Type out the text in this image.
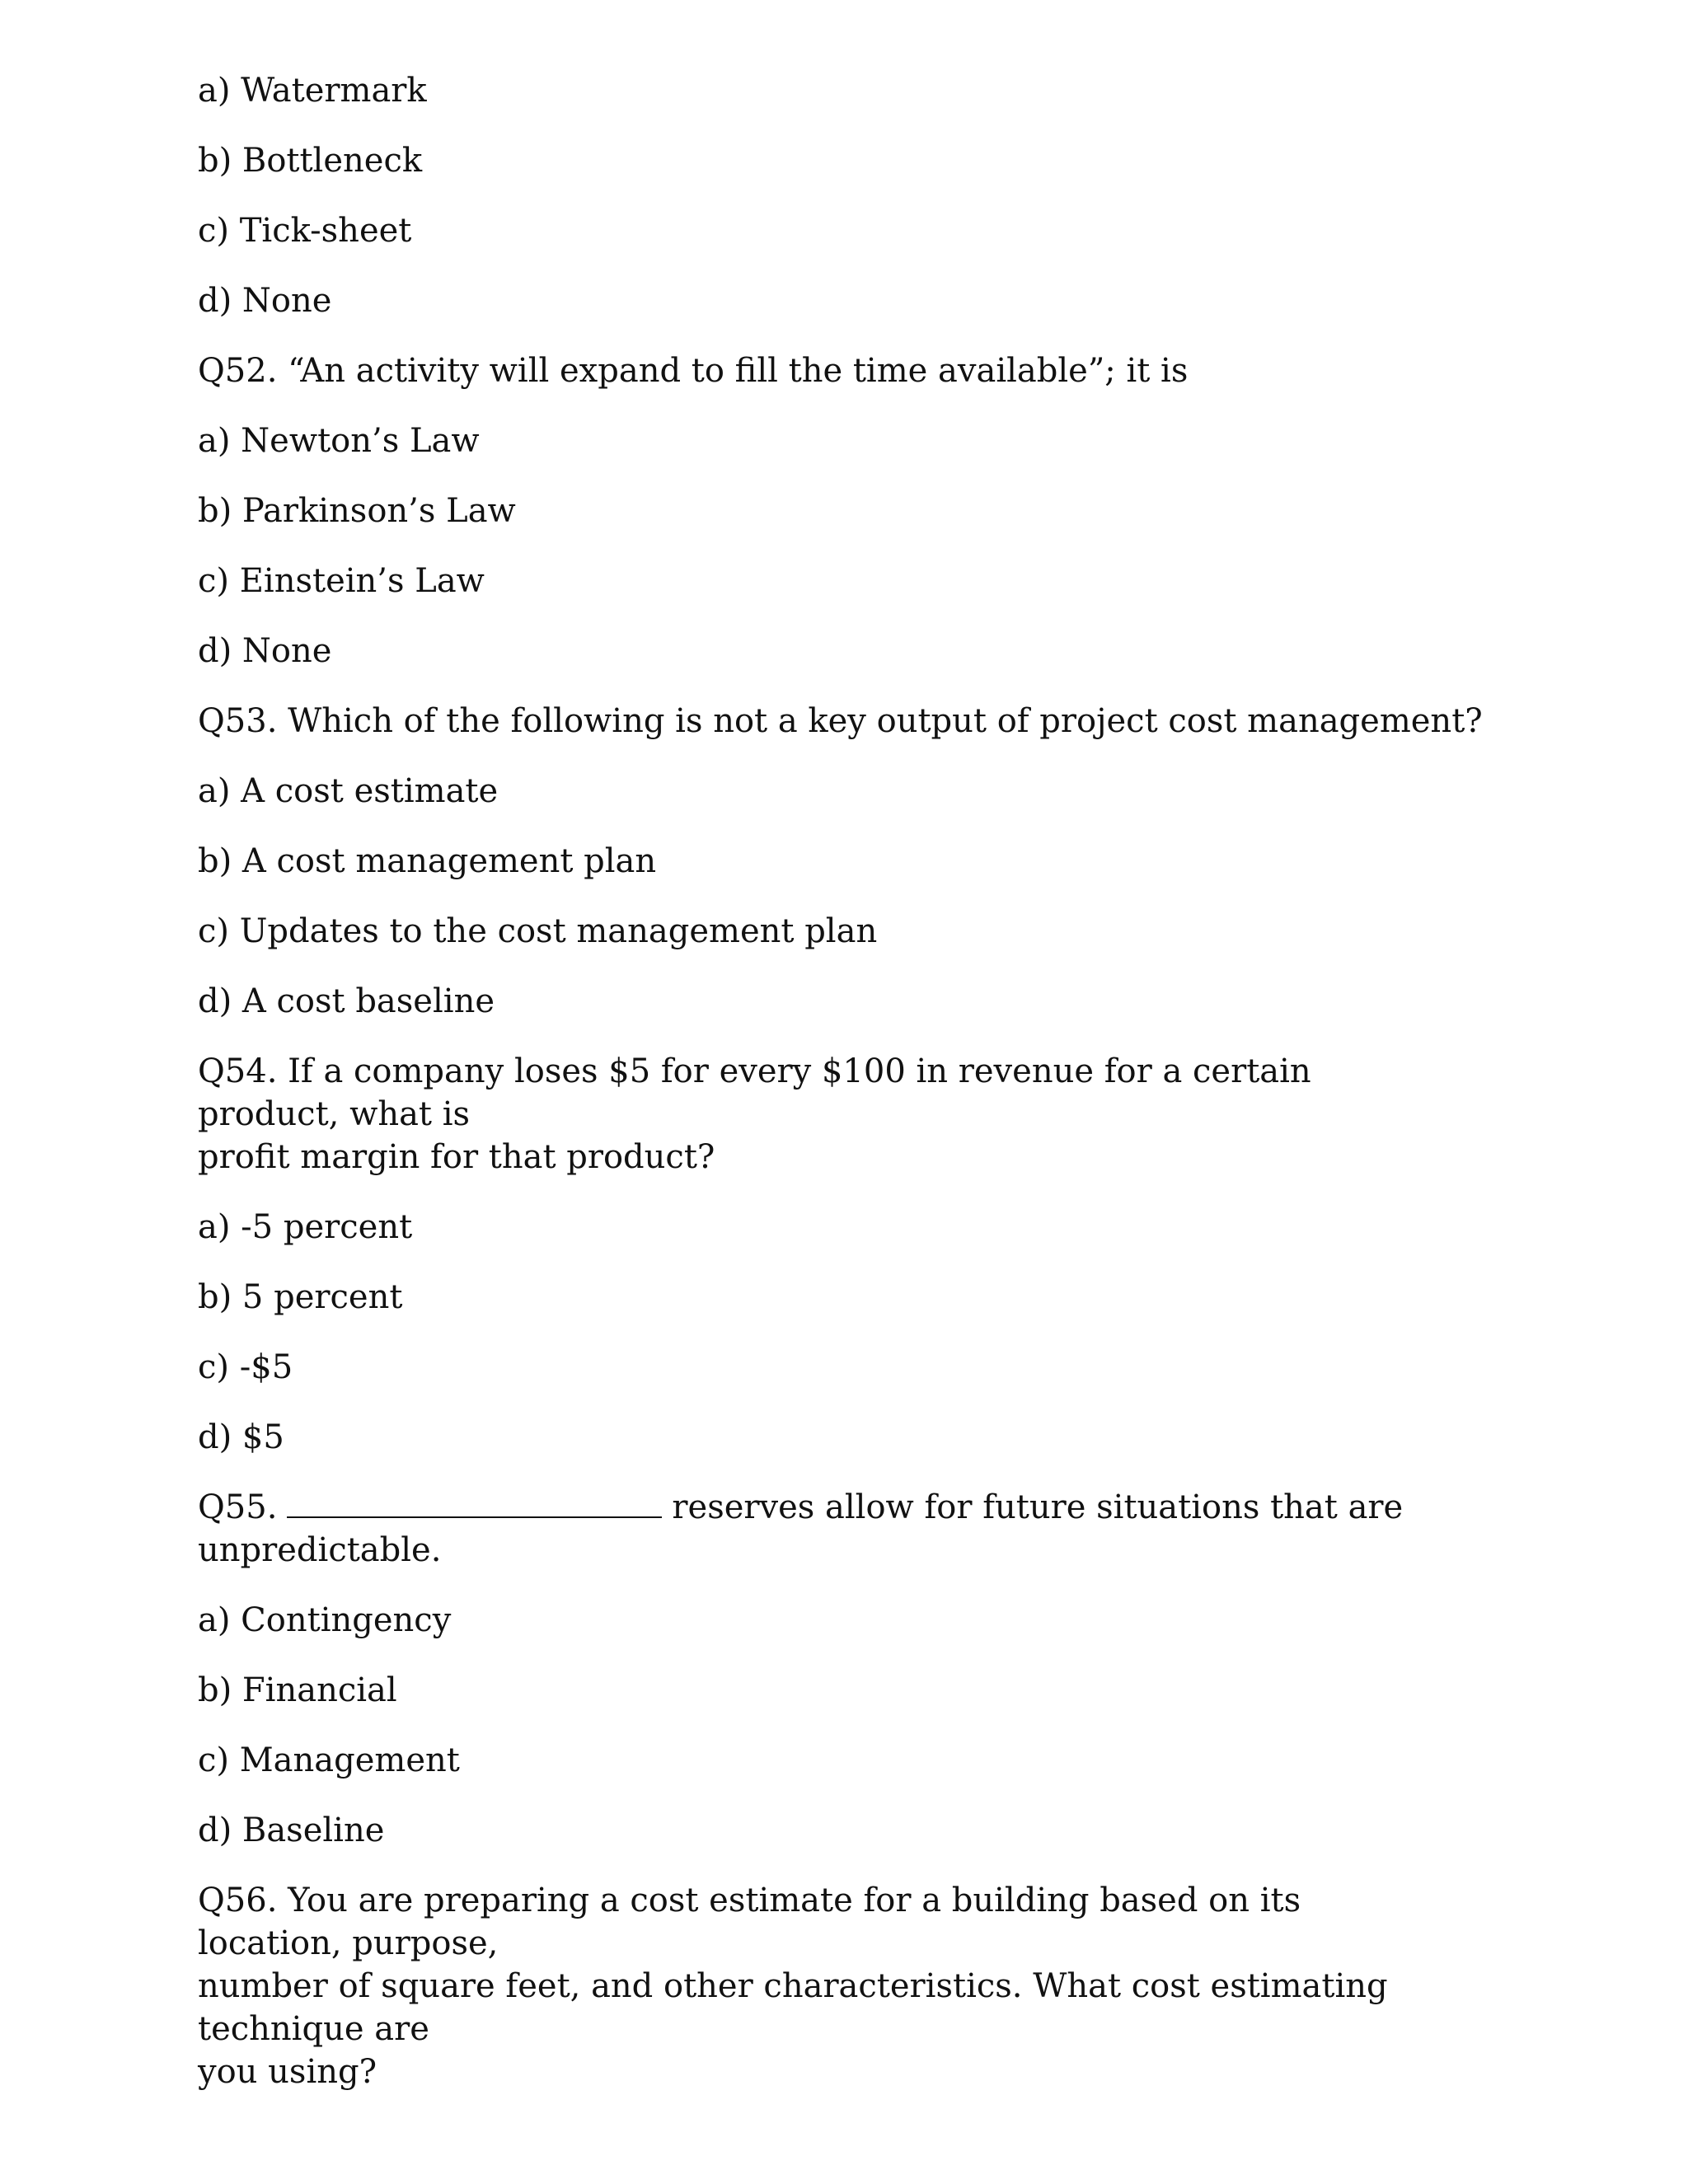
a) Watermark
b) Bottleneck
c) Tick-sheet
d) None
Q52. “An activity will expand to fill the time available”; it is
a) Newton’s Law
b) Parkinson’s Law
c) Einstein’s Law
d) None
Q53. Which of the following is not a key output of project cost management?
a) A cost estimate
b) A cost management plan
c) Updates to the cost management plan
d) A cost baseline
Q54. If a company loses $5 for every $100 in revenue for a certain product, what is
profit margin for that product?
a) -5 percent
b) 5 percent
c) -$5
d) $5
Q55.	reserves allow for future situations that are
unpredictable.
a) Contingency
b) Financial
c) Management
d) Baseline
Q56. You are preparing a cost estimate for a building based on its location, purpose,
number of square feet, and other characteristics. What cost estimating technique are
you using?
